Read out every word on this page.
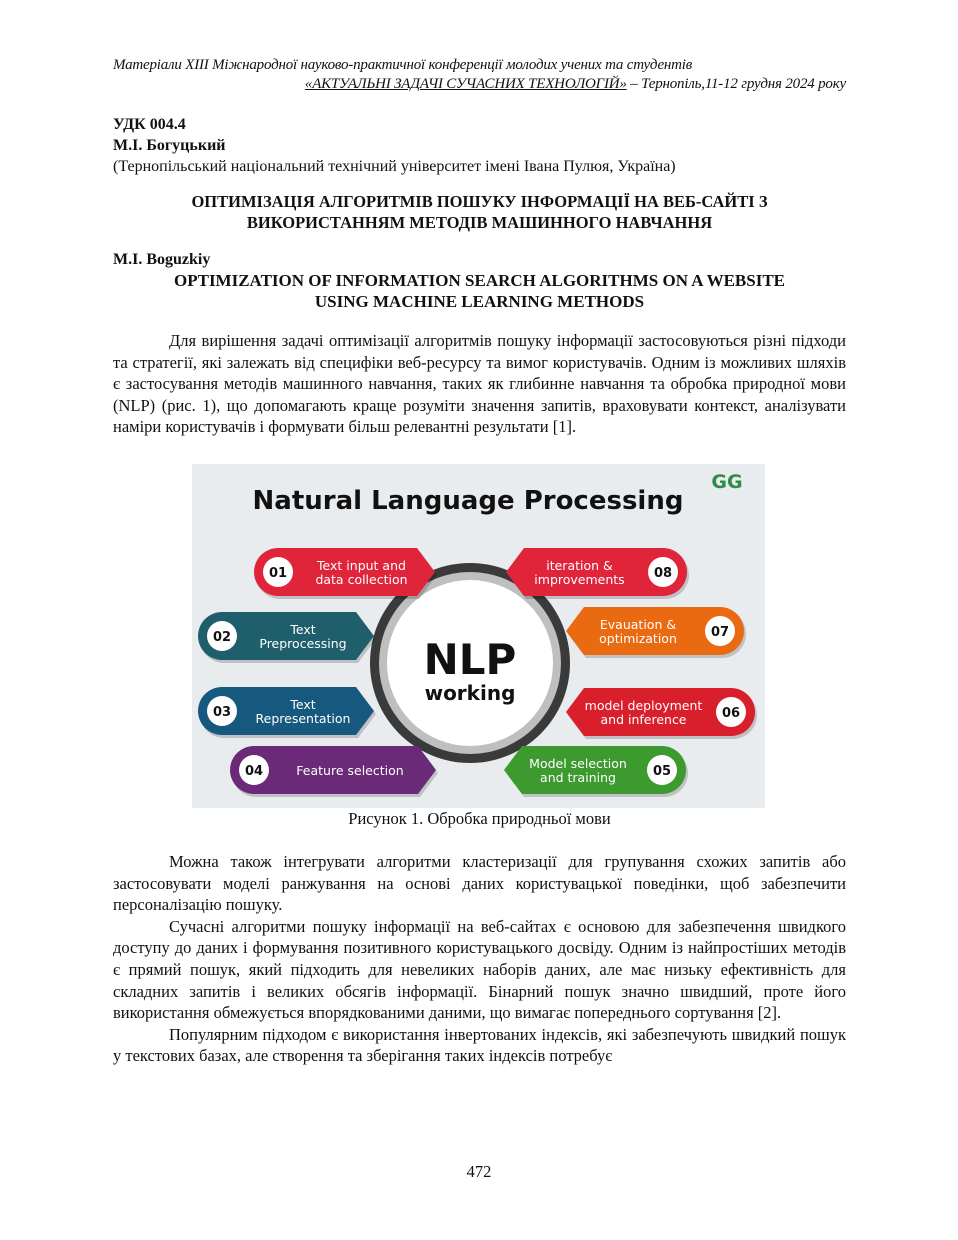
Матеріали XIII Міжнародної науково-практичної конференції молодих учених та студентів
«АКТУАЛЬНІ ЗАДАЧІ СУЧАСНИХ ТЕХНОЛОГІЙ» – Тернопіль,11-12 грудня 2024 року
УДК 004.4
М.І. Богуцький
(Тернопільський національний технічний університет імені Івана Пулюя, Україна)
ОПТИМІЗАЦІЯ АЛГОРИТМІВ ПОШУКУ ІНФОРМАЦІЇ НА ВЕБ-САЙТІ З
ВИКОРИСТАННЯМ МЕТОДІВ МАШИННОГО НАВЧАННЯ
M.I. Boguzkiy
OPTIMIZATION OF INFORMATION SEARCH ALGORITHMS ON A WEBSITE
USING MACHINE LEARNING METHODS

Для вирішення задачі оптимізації алгоритмів пошуку інформації застосовуються різні підходи та стратегії, які залежать від специфіки веб-ресурсу та вимог користувачів. Одним із можливих шляхів є застосування методів машинного навчання, таких як глибинне навчання та обробка природної мови (NLP) (рис. 1), що допомагають краще розуміти значення запитів, враховувати контекст, аналізувати наміри користувачів і формувати більш релевантні результати [1].

Natural Language Processing
GG
NLP
working
01
Text input and
data collection
02
Text
Preprocessing
03
Text
Representation
04	Feature selection	05
Model selection
and training
06
model deployment
and inference
07
Evauation &
optimization
08
iteration &
improvements
Рисунок 1. Обробка природньої мови

Можна також інтегрувати алгоритми кластеризації для групування схожих запитів або застосовувати моделі ранжування на основі даних користувацької поведінки, щоб забезпечити персоналізацію пошуку.

Сучасні алгоритми пошуку інформації на веб-сайтах є основою для забезпечення швидкого доступу до даних і формування позитивного користувацького досвіду. Одним із найпростіших методів є прямий пошук, який підходить для невеликих наборів даних, але має низьку ефективність для складних запитів і великих обсягів інформації. Бінарний пошук значно швидший, проте його використання обмежується впорядкованими даними, що вимагає попереднього сортування [2].

Популярним підходом є використання інвертованих індексів, які забезпечують швидкий пошук у текстових базах, але створення та зберігання таких індексів потребує

472
